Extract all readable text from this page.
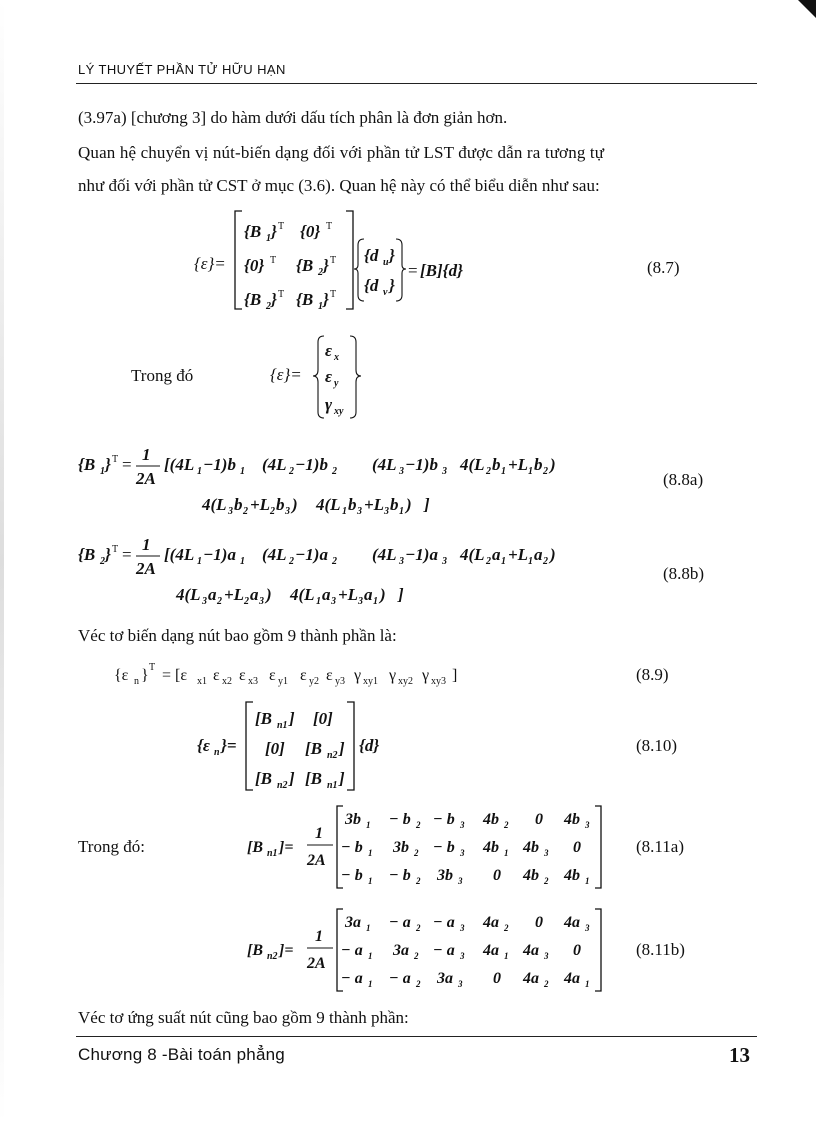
LÝ THUYẾT PHẦN TỬ HỮU HẠN
(3.97a) [chương 3] do hàm dưới dấu tích phân là đơn giản hơn.
Quan hệ chuyển vị nút-biến dạng đối với phần tử LST được dẫn ra tương tự
như đối với phần tử CST ở mục (3.6). Quan hệ này có thể biểu diễn như sau:
{ε}=
{B 1 } T {0} T
{0} T {B 2 } T
{B 2 } T {B 1 } T
{d u }
{d v }
= [B]{d}	(8.7)
Trong đó	{ε}=
ε x
ε y
γ xy
{B 1 } T =
1
2A
[(4L 1 −1)b 1 (4L 2 −1)b 2 (4L 3 −1)b 3 4(L 2 b 1 +L 1 b 2 )
4(L 3 b 2 +L 2 b 3 ) 4(L 1 b 3 +L 3 b 1 ) ]
(8.8a)
{B 2 } T =
1
2A
[(4L 1 −1)a 1 (4L 2 −1)a 2 (4L 3 −1)a 3 4(L 2 a 1 +L 1 a 2 )
4(L 3 a 2 +L 2 a 3 ) 4(L 1 a 3 +L 3 a 1 ) ]
(8.8b)
Véc tơ biến dạng nút bao gồm 9 thành phần là:
{ε n } T = [ε x1 ε x2 ε x3 ε y1 ε y2 ε y3 γ xy1 γ xy2 γ xy3 ]	(8.9)
{ε n }=
[B n1 ] [0]
[0] [B n2 ]
[B n2 ] [B n1 ]
{d}	(8.10)
Trong đó:	[B n1 ]=
1
2A
3b 1 − b 2 − b 3 4b 2 0 4b 3
− b 1 3b 2 − b 3 4b 1 4b 3 0
− b 1 − b 2 3b 3 0 4b 2 4b 1
(8.11a)
[B n2 ]=
1
2A
3a 1 − a 2 − a 3 4a 2 0 4a 3
− a 1 3a 2 − a 3 4a 1 4a 3 0
− a 1 − a 2 3a 3 0 4a 2 4a 1
(8.11b)
Véc tơ ứng suất nút cũng bao gồm 9 thành phần:
Chương 8 -Bài toán phẳng	13
